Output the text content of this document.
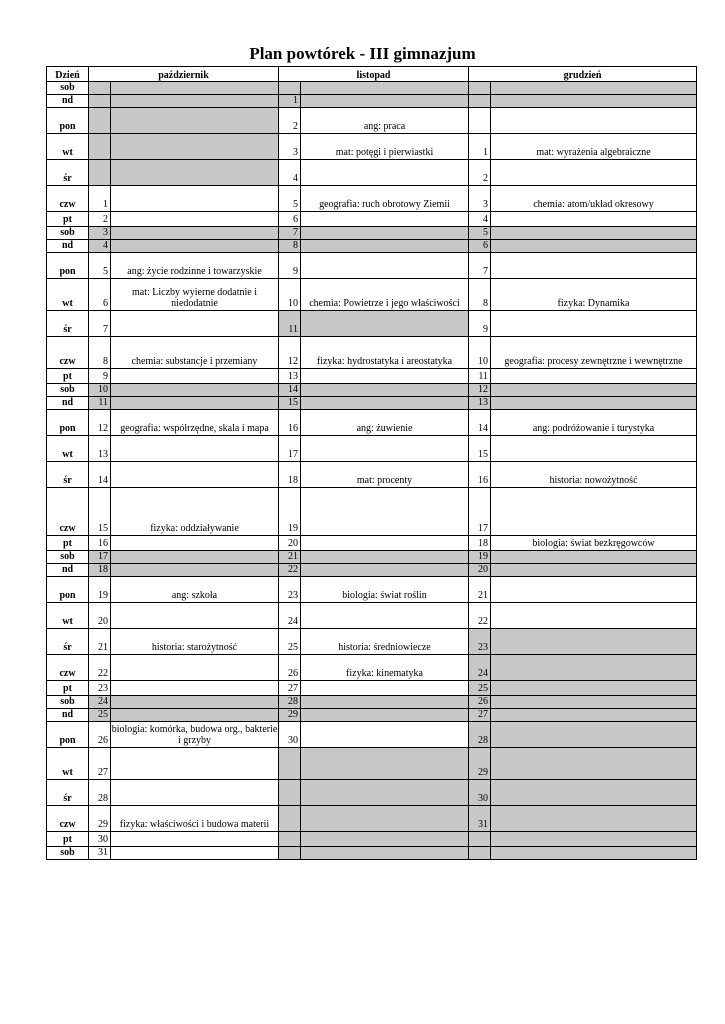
Plan powtórek - III gimnazjum
Dzień	październik		listopad		grudzień	
sob						
nd			1			
pon			2	ang: praca		
wt			3	mat: potęgi i pierwiastki	1	mat: wyrażenia algebraiczne
śr			4		2	
czw	1		5	geografia: ruch obrotowy Ziemii	3	chemia: atom/układ okresowy
pt	2		6		4	
sob	3		7		5	
nd	4		8		6	
pon	5	ang: życie rodzinne i towarzyskie	9		7	
wt	6	mat: Liczby wyierne dodatnie i niedodatnie	10	chemia: Powietrze i jego właściwości	8	fizyka: Dynamika
śr	7		11		9	
czw	8	chemia: substancje i przemiany	12	fizyka: hydrostatyka i areostatyka	10	geografia: procesy zewnętrzne i wewnętrzne
pt	9		13		11	
sob	10		14		12	
nd	11		15		13	
pon	12	geografia: współrzędne, skala i mapa	16	ang: żuwienie	14	ang: podróżowanie i turystyka
wt	13		17		15	
śr	14		18	mat: procenty	16	historia: nowożytność
czw	15	fizyka: oddziaływanie	19		17	
pt	16		20		18	biologia: świat bezkręgowców
sob	17		21		19	
nd	18		22		20	
pon	19	ang: szkoła	23	biologia: świat roślin	21	
wt	20		24		22	
śr	21	historia: starożytność	25	historia: średniowiecze	23	
czw	22		26	fizyka: kinematyka	24	
pt	23		27		25	
sob	24		28		26	
nd	25		29		27	
pon	26	biologia: komórka, budowa org., bakterie i grzyby	30		28	
wt	27				29	
śr	28				30	
czw	29	fizyka: właściwości i budowa materii			31	
pt	30					
sob	31					
